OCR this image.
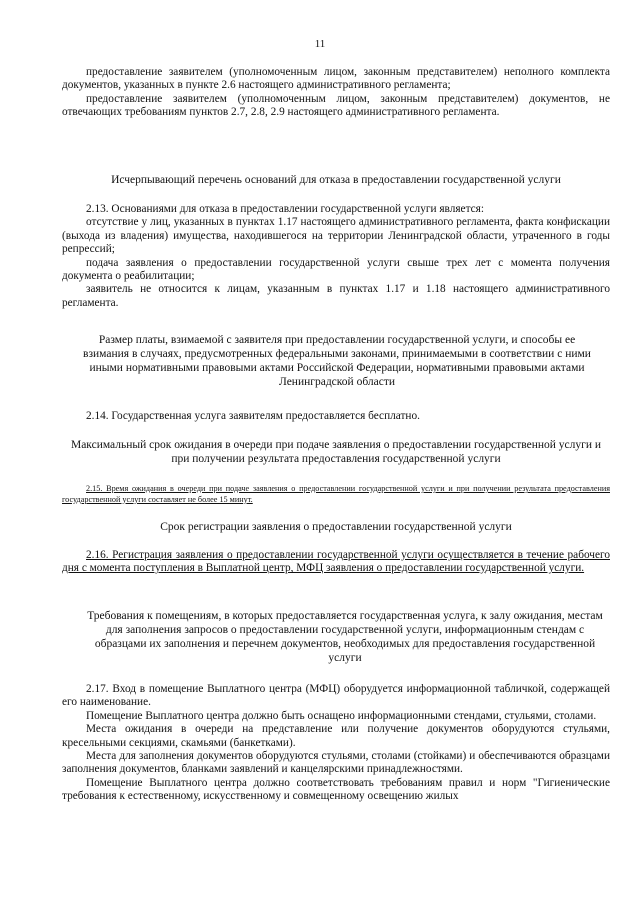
11

предоставление заявителем (уполномоченным лицом, законным представителем) неполного комплекта документов, указанных в пункте 2.6 настоящего административного регламента;

предоставление заявителем (уполномоченным лицом, законным представителем) документов, не отвечающих требованиям пунктов 2.7, 2.8, 2.9 настоящего административного регламента.

Исчерпывающий перечень оснований для отказа в предоставлении государственной услуги

2.13. Основаниями для отказа в предоставлении государственной услуги является:

отсутствие у лиц, указанных в пунктах 1.17 настоящего административного регламента, факта конфискации (выхода из владения) имущества, находившегося на территории Ленинградской области, утраченного в годы репрессий;

подача заявления о предоставлении государственной услуги свыше трех лет с момента получения документа о реабилитации;

заявитель не относится к лицам, указанным в пунктах 1.17 и 1.18 настоящего административного регламента.

Размер платы, взимаемой с заявителя при предоставлении государственной услуги, и способы ее взимания в случаях, предусмотренных федеральными законами, принимаемыми в соответствии с ними иными нормативными правовыми актами Российской Федерации, нормативными правовыми актами Ленинградской области

2.14. Государственная услуга заявителям предоставляется бесплатно.

Максимальный срок ожидания в очереди при подаче заявления о предоставлении государственной услуги и при получении результата предоставления государственной услуги

2.15. Время ожидания в очереди при подаче заявления о предоставлении государственной услуги и при получении результата предоставления государственной услуги составляет не более 15 минут.

Срок регистрации заявления о предоставлении государственной услуги

2.16. Регистрация заявления о предоставлении государственной услуги осуществляется в течение рабочего дня с момента поступления в Выплатной центр, МФЦ заявления о предоставлении государственной услуги.

Требования к помещениям, в которых предоставляется государственная услуга, к залу ожидания, местам для заполнения запросов о предоставлении государственной услуги, информационным стендам с образцами их заполнения и перечнем документов, необходимых для предоставления государственной услуги

2.17. Вход в помещение Выплатного центра (МФЦ) оборудуется информационной табличкой, содержащей его наименование.

Помещение Выплатного центра должно быть оснащено информационными стендами, стульями, столами.

Места ожидания в очереди на представление или получение документов оборудуются стульями, кресельными секциями, скамьями (банкетками).

Места для заполнения документов оборудуются стульями, столами (стойками) и обеспечиваются образцами заполнения документов, бланками заявлений и канцелярскими принадлежностями.

Помещение Выплатного центра должно соответствовать требованиям правил и норм "Гигиенические требования к естественному, искусственному и совмещенному освещению жилых
